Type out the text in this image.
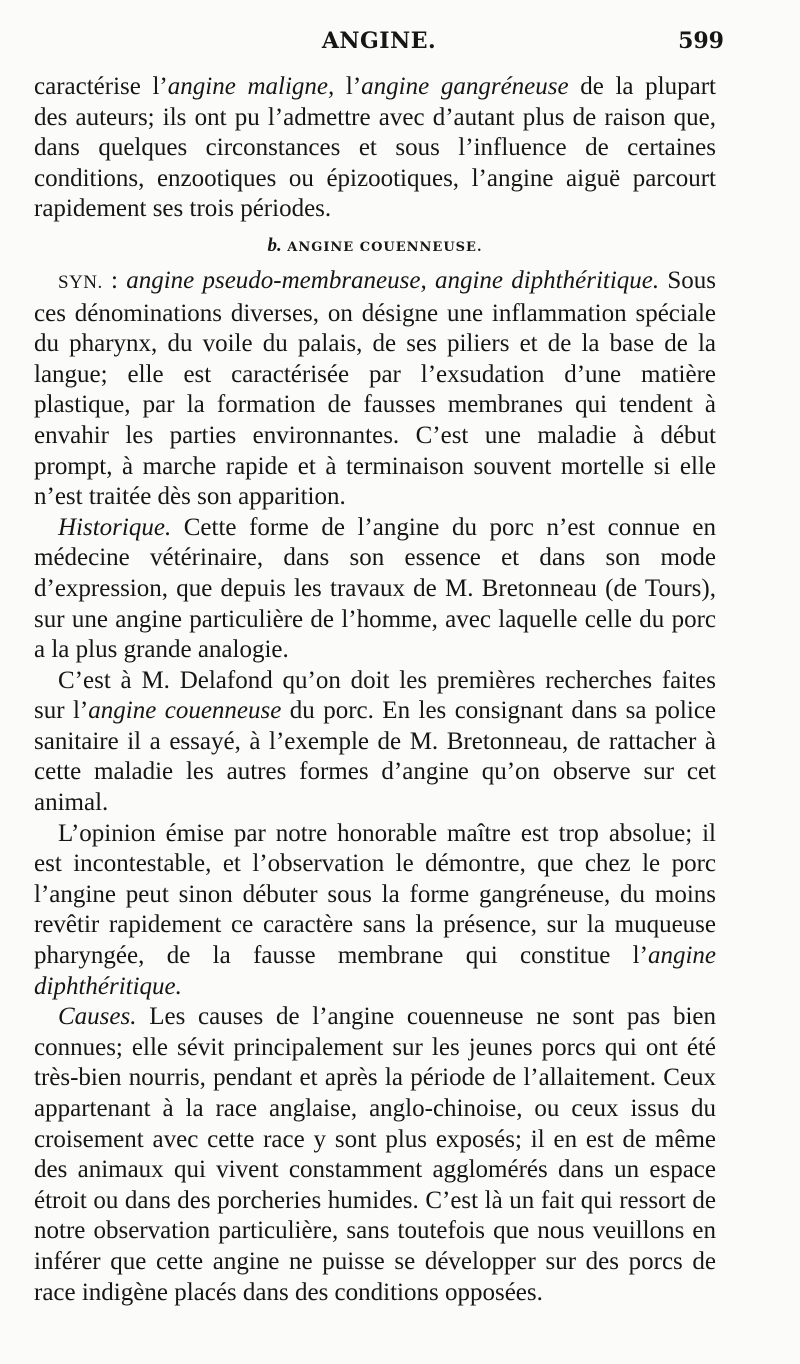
ANGINE.	599

caractérise l’angine maligne, l’angine gangréneuse de la plupart des auteurs; ils ont pu l’admettre avec d’autant plus de raison que, dans quelques circonstances et sous l’influence de certaines conditions, enzootiques ou épizootiques, l’angine aiguë parcourt rapidement ses trois périodes.

b. ANGINE COUENNEUSE.

SYN. : angine pseudo-membraneuse, angine diphthéritique. Sous ces dénominations diverses, on désigne une inflammation spéciale du pharynx, du voile du palais, de ses piliers et de la base de la langue; elle est caractérisée par l’exsudation d’une matière plastique, par la formation de fausses membranes qui tendent à envahir les parties environnantes. C’est une maladie à début prompt, à marche rapide et à terminaison souvent mortelle si elle n’est traitée dès son apparition.

Historique. Cette forme de l’angine du porc n’est connue en médecine vétérinaire, dans son essence et dans son mode d’expression, que depuis les travaux de M. Bretonneau (de Tours), sur une angine particulière de l’homme, avec laquelle celle du porc a la plus grande analogie.

C’est à M. Delafond qu’on doit les premières recherches faites sur l’angine couenneuse du porc. En les consignant dans sa police sanitaire il a essayé, à l’exemple de M. Bretonneau, de rattacher à cette maladie les autres formes d’angine qu’on observe sur cet animal.

L’opinion émise par notre honorable maître est trop absolue; il est incontestable, et l’observation le démontre, que chez le porc l’angine peut sinon débuter sous la forme gangréneuse, du moins revêtir rapidement ce caractère sans la présence, sur la muqueuse pharyngée, de la fausse membrane qui constitue l’angine diphthéritique.

Causes. Les causes de l’angine couenneuse ne sont pas bien connues; elle sévit principalement sur les jeunes porcs qui ont été très-bien nourris, pendant et après la période de l’allaitement. Ceux appartenant à la race anglaise, anglo-chinoise, ou ceux issus du croisement avec cette race y sont plus exposés; il en est de même des animaux qui vivent constamment agglomérés dans un espace étroit ou dans des porcheries humides. C’est là un fait qui ressort de notre observation particulière, sans toutefois que nous veuillons en inférer que cette angine ne puisse se développer sur des porcs de race indigène placés dans des conditions opposées.
